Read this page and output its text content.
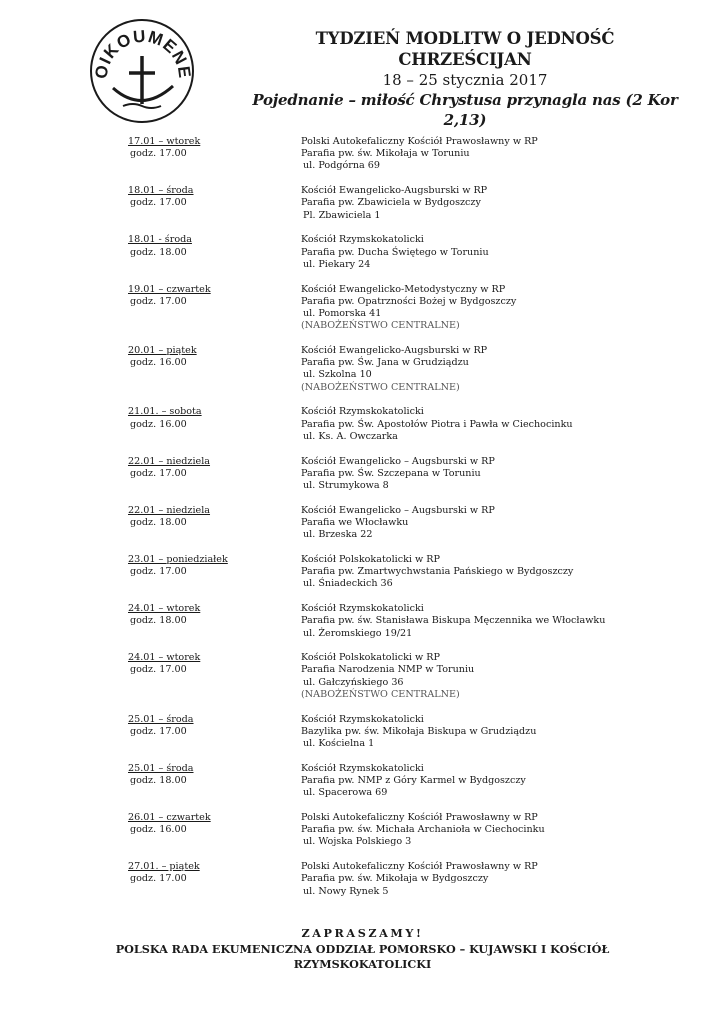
OIKOUMENE
TYDZIEŃ MODLITW O JEDNOŚĆ CHRZEŚCIJAN
18 – 25 stycznia 2017
Pojednanie – miłość Chrystusa przynagla nas (2 Kor 2,13)
17.01 – wtorek
godz. 17.00
Polski Autokefaliczny Kościół Prawosławny w RP
Parafia pw. św. Mikołaja w Toruniu
ul. Podgórna 69
18.01 – środa
godz. 17.00
Kościół Ewangelicko-Augsburski w RP
Parafia pw. Zbawiciela w Bydgoszczy
Pl. Zbawiciela 1
18.01 - środa
godz. 18.00
Kościół Rzymskokatolicki
Parafia pw. Ducha Świętego w Toruniu
ul. Piekary 24
19.01 – czwartek
godz. 17.00
Kościół Ewangelicko-Metodystyczny w RP
Parafia pw. Opatrzności Bożej w Bydgoszczy
ul. Pomorska 41
(NABOŻEŃSTWO CENTRALNE)
20.01 – piątek
godz. 16.00
Kościół Ewangelicko-Augsburski w RP
Parafia pw. Św. Jana w Grudziądzu
ul. Szkolna 10
(NABOŻEŃSTWO CENTRALNE)
21.01. – sobota
godz. 16.00
Kościół Rzymskokatolicki
Parafia pw. Św. Apostołów Piotra i Pawła w Ciechocinku
ul. Ks. A. Owczarka
22.01 – niedziela
godz. 17.00
Kościół Ewangelicko – Augsburski w RP
Parafia pw. Św. Szczepana w Toruniu
ul. Strumykowa 8
22.01 – niedziela
godz. 18.00
Kościół Ewangelicko – Augsburski w RP
Parafia we Włocławku
ul. Brzeska 22
23.01 – poniedziałek
godz. 17.00
Kościół Polskokatolicki w RP
Parafia pw. Zmartwychwstania Pańskiego w Bydgoszczy
ul. Śniadeckich 36
24.01 – wtorek
godz. 18.00
Kościół Rzymskokatolicki
Parafia pw. św. Stanisława Biskupa Męczennika we Włocławku
ul. Żeromskiego 19/21
24.01 – wtorek
godz. 17.00
Kościół Polskokatolicki w RP
Parafia Narodzenia NMP w Toruniu
ul. Gałczyńskiego 36
(NABOŻEŃSTWO CENTRALNE)
25.01 – środa
godz. 17.00
Kościół Rzymskokatolicki
Bazylika pw. św. Mikołaja Biskupa w Grudziądzu
ul. Kościelna 1
25.01 – środa
godz. 18.00
Kościół Rzymskokatolicki
Parafia pw. NMP z Góry Karmel w Bydgoszczy
ul. Spacerowa 69
26.01 – czwartek
godz. 16.00
Polski Autokefaliczny Kościół Prawosławny w RP
Parafia pw. św. Michała Archanioła w Ciechocinku
ul. Wojska Polskiego 3
27.01. – piątek
godz. 17.00
Polski Autokefaliczny Kościół Prawosławny w RP
Parafia pw. św. Mikołaja w Bydgoszczy
ul. Nowy Rynek 5
ZAPRASZAMY!
POLSKA RADA EKUMENICZNA ODDZIAŁ POMORSKO – KUJAWSKI I KOŚCIÓŁ
RZYMSKOKATOLICKI
